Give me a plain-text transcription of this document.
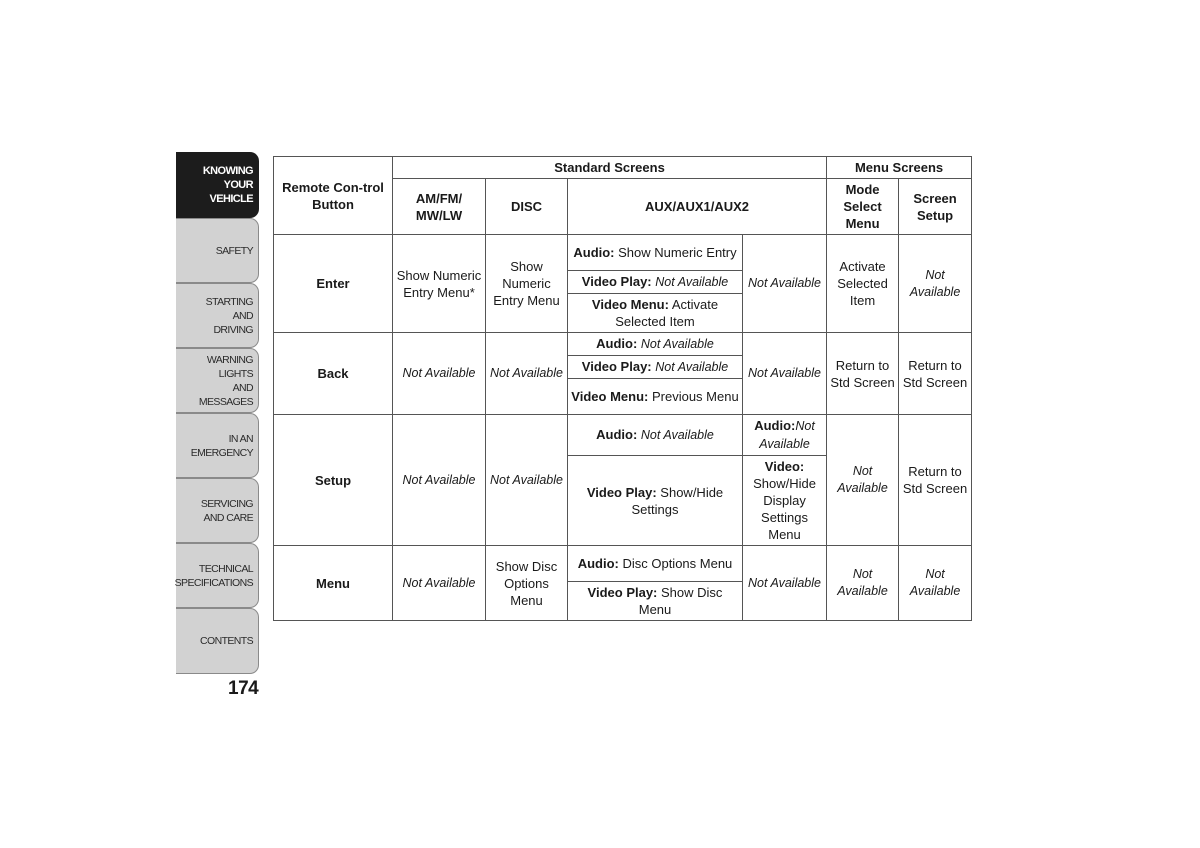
KNOWING
YOUR
VEHICLE
SAFETY
STARTING
AND
DRIVING
WARNING
LIGHTS
AND
MESSAGES
IN AN
EMERGENCY
SERVICING
AND CARE
TECHNICAL
SPECIFICATIONS
CONTENTS
174
Remote Con-trol Button	Standard Screens				Menu Screens	
	AM/FM/ MW/LW	DISC	AUX/AUX1/AUX2		Mode Select Menu	Screen Setup
Enter	Show Numeric Entry Menu*	Show Numeric Entry Menu	Audio: Show Numeric Entry	Not Available	Activate Selected Item	Not Available
			Video Play: Not Available			
			Video Menu: Activate Selected Item			
Back	Not Available	Not Available	Audio: Not Available	Not Available	Return to Std Screen	Return to Std Screen
			Video Play: Not Available			
			Video Menu: Previous Menu			
Setup	Not Available	Not Available	Audio: Not Available	Audio:Not Available	Not Available	Return to Std Screen
			Video Play: Show/Hide Settings	Video: Show/Hide Display Settings Menu		
Menu	Not Available	Show Disc Options Menu	Audio: Disc Options Menu	Not Available	Not Available	Not Available
			Video Play: Show Disc Menu			
